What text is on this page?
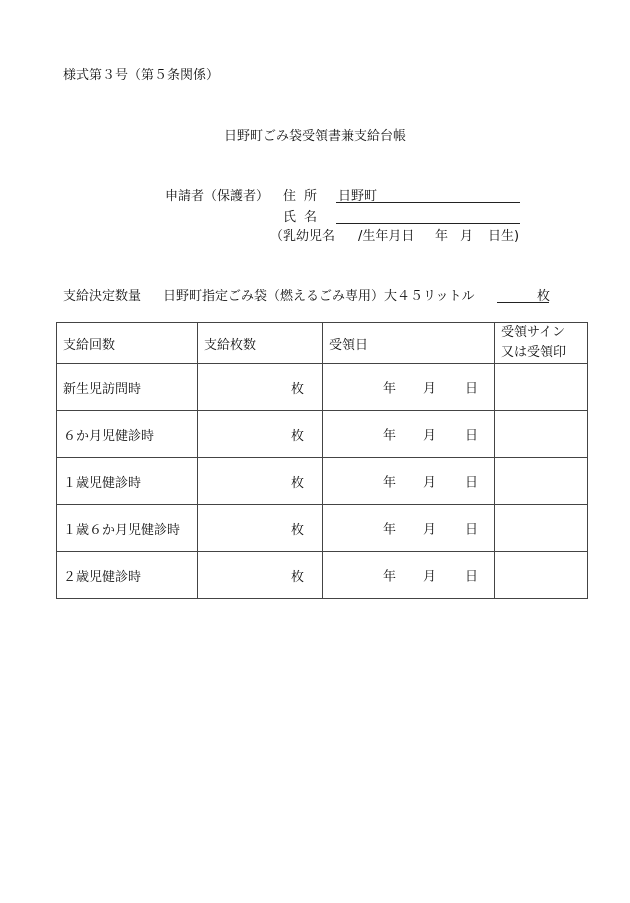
様式第３号（第５条関係）
日野町ごみ袋受領書兼支給台帳
申請者（保護者） 住所 日野町
氏名
（乳幼児名 /生年月日 年 月 日生)
支給決定数量 日野町指定ごみ袋（燃えるごみ専用）大４５リットル	枚
支給回数	支給枚数	受領日	受領サイン
又は受領印
新生児訪問時	枚	年 月 日	

６か月児健診時	枚	年 月 日	

１歳児健診時	枚	年 月 日	

１歳６か月児健診時	枚	年 月 日	

２歳児健診時	枚	年 月 日	
